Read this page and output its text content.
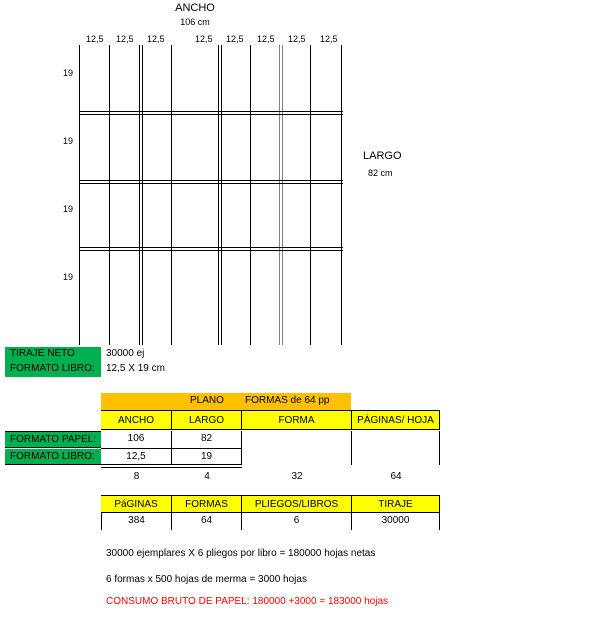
ANCHO
106 cm
12,5 12,5 12,5	12,5 12,5 12,5 12,5 12,5
19
19
19
19
LARGO
82 cm
TIRAJE NETO	30000 ej
FORMATO LIBRO:	12,5 X 19 cm
PLANO FORMAS de 64 pp
ANCHO	LARGO	FORMA	PÁGINAS/ HOJA
FORMATO PAPEL:	106	82
FORMATO LIBRO:	12,5	19
8	4	32	64
PáGINAS	FORMAS	PLIEGOS/LIBROS	TIRAJE
384	64	6	30000
30000 ejemplares X 6 pliegos por libro = 180000 hojas netas
6 formas x 500 hojas de merma = 3000 hojas
CONSUMO BRUTO DE PAPEL: 180000 +3000 = 183000 hojas
